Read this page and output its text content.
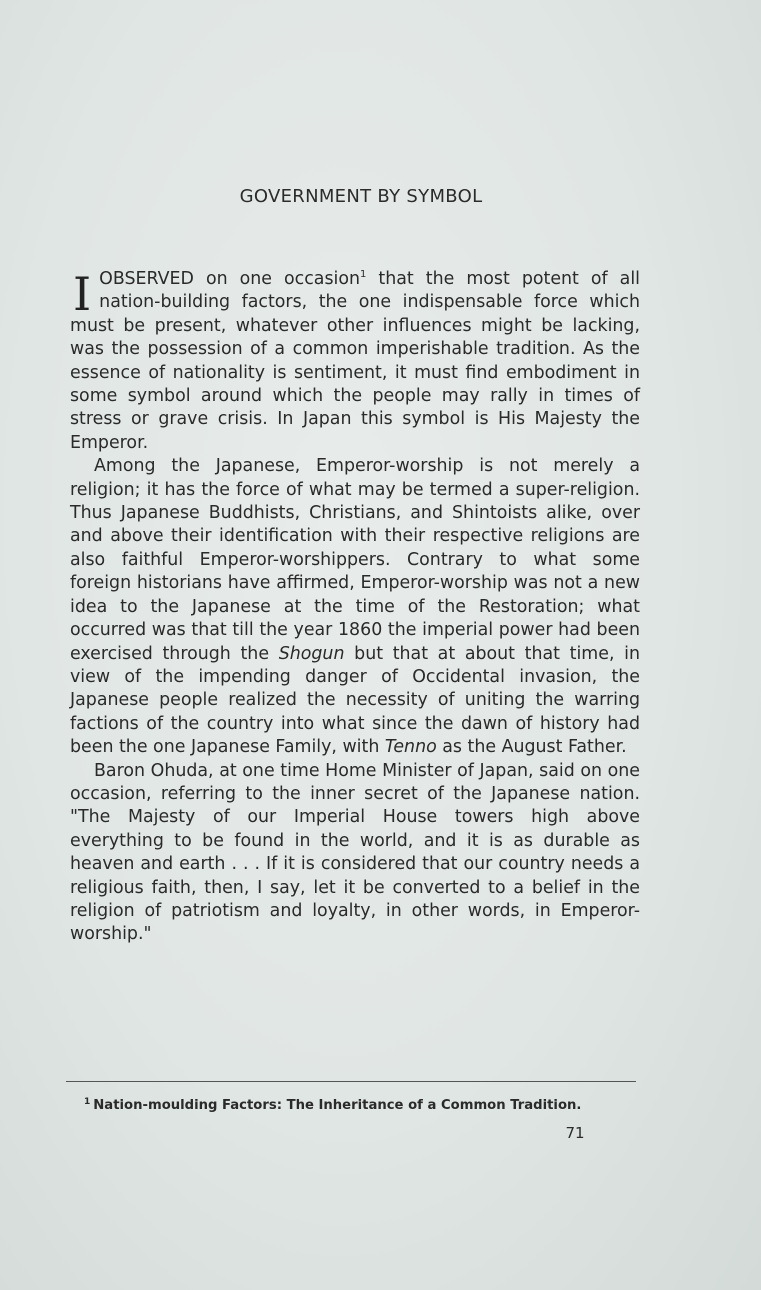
GOVERNMENT BY SYMBOL

IOBSERVED on one occasion$^1$ that the most potent of all nation-building factors, the one indispensable force which must be present, whatever other influences might be lacking, was the possession of a common imperishable tradition. As the essence of nationality is sentiment, it must find embodiment in some symbol around which the people may rally in times of stress or grave crisis. In Japan this symbol is His Majesty the Emperor.

Among the Japanese, Emperor-worship is not merely a religion; it has the force of what may be termed a super-religion. Thus Japanese Buddhists, Christians, and Shintoists alike, over and above their identification with their respective religions are also faithful Emperor-worshippers. Contrary to what some foreign historians have affirmed, Emperor-worship was not a new idea to the Japanese at the time of the Restoration; what occurred was that till the year 1860 the imperial power had been exercised through the Shogun but that at about that time, in view of the impending danger of Occidental invasion, the Japanese people realized the necessity of uniting the warring factions of the country into what since the dawn of history had been the one Japanese Family, with Tenno as the August Father.

Baron Ohuda, at one time Home Minister of Japan, said on one occasion, referring to the inner secret of the Japanese nation. "The Majesty of our Imperial House towers high above everything to be found in the world, and it is as durable as heaven and earth . . . If it is considered that our country needs a religious faith, then, I say, let it be converted to a belief in the religion of patriotism and loyalty, in other words, in Emperor-worship."

$^1$ Nation-moulding Factors: The Inheritance of a Common Tradition.
71
